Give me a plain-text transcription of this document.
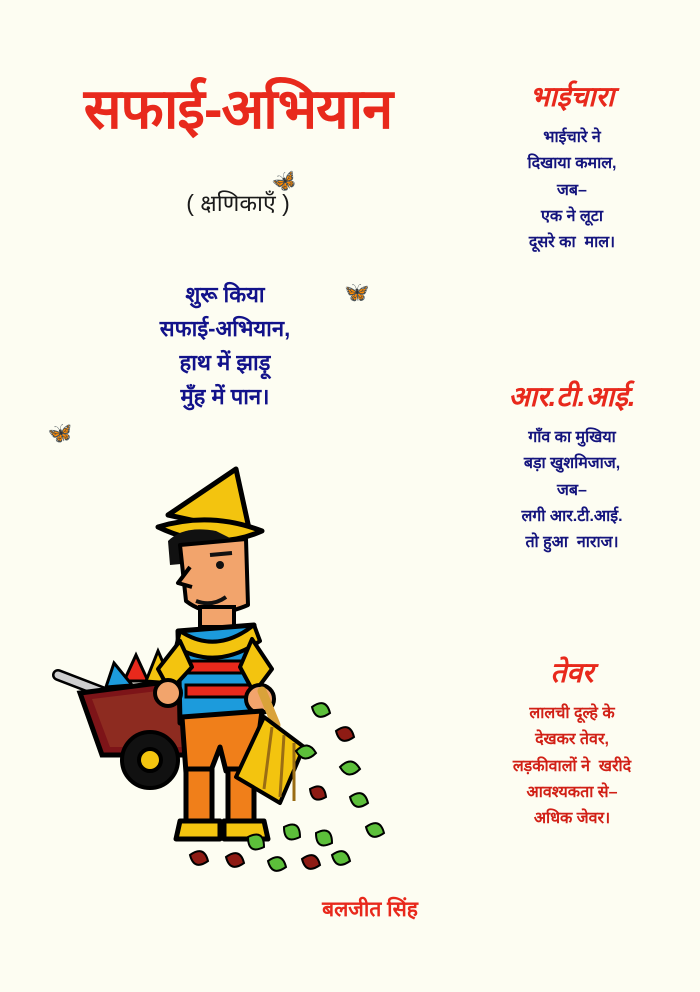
सफाई-अभियान
( क्षणिकाएँ )
🦋
🦋
🦋
शुरू किया
सफाई-अभियान,
हाथ में झाड़ू
मुँह में पान।
भाईचारा
भाईचारे ने
दिखाया कमाल,
जब–
एक ने लूटा
दूसरे का  माल।
आर.टी.आई.
गाँव का मुखिया
बड़ा खुशमिजाज,
जब–
लगी आर.टी.आई.
तो हुआ  नाराज।
तेवर
लालची दूल्हे के
देखकर तेवर,
लड़कीवालों ने  खरीदे
आवश्यकता से–
अधिक जेवर।
बलजीत सिंह
